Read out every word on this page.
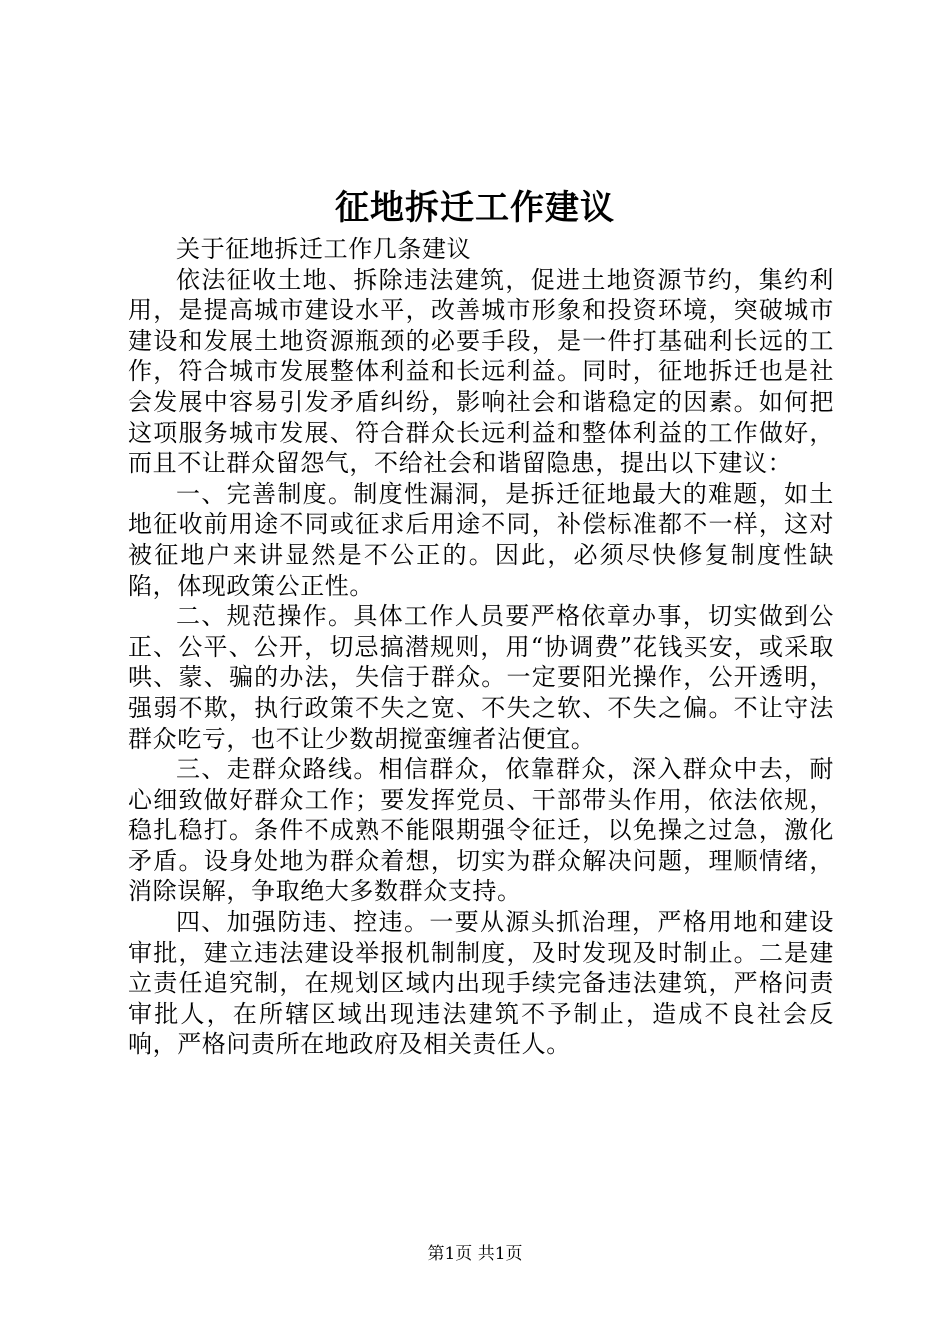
征地拆迁工作建议

关于征地拆迁工作几条建议

依法征收土地、拆除违法建筑，促进土地资源节约，集约利用，是提高城市建设水平，改善城市形象和投资环境，突破城市建设和发展土地资源瓶颈的必要手段，是一件打基础利长远的工作，符合城市发展整体利益和长远利益。同时，征地拆迁也是社会发展中容易引发矛盾纠纷，影响社会和谐稳定的因素。如何把这项服务城市发展、符合群众长远利益和整体利益的工作做好，而且不让群众留怨气，不给社会和谐留隐患，提出以下建议：

一、完善制度。制度性漏洞，是拆迁征地最大的难题，如土地征收前用途不同或征求后用途不同，补偿标准都不一样，这对被征地户来讲显然是不公正的。因此，必须尽快修复制度性缺陷，体现政策公正性。

二、规范操作。具体工作人员要严格依章办事，切实做到公正、公平、公开，切忌搞潜规则，用“协调费”花钱买安，或采取哄、蒙、骗的办法，失信于群众。一定要阳光操作，公开透明，强弱不欺，执行政策不失之宽、不失之软、不失之偏。不让守法群众吃亏，也不让少数胡搅蛮缠者沾便宜。

三、走群众路线。相信群众，依靠群众，深入群众中去，耐心细致做好群众工作；要发挥党员、干部带头作用，依法依规，稳扎稳打。条件不成熟不能限期强令征迁，以免操之过急，激化矛盾。设身处地为群众着想，切实为群众解决问题，理顺情绪，消除误解，争取绝大多数群众支持。

四、加强防违、控违。一要从源头抓治理，严格用地和建设审批，建立违法建设举报机制制度，及时发现及时制止。二是建立责任追究制，在规划区域内出现手续完备违法建筑，严格问责审批人，在所辖区域出现违法建筑不予制止，造成不良社会反响，严格问责所在地政府及相关责任人。

第1页 共1页
